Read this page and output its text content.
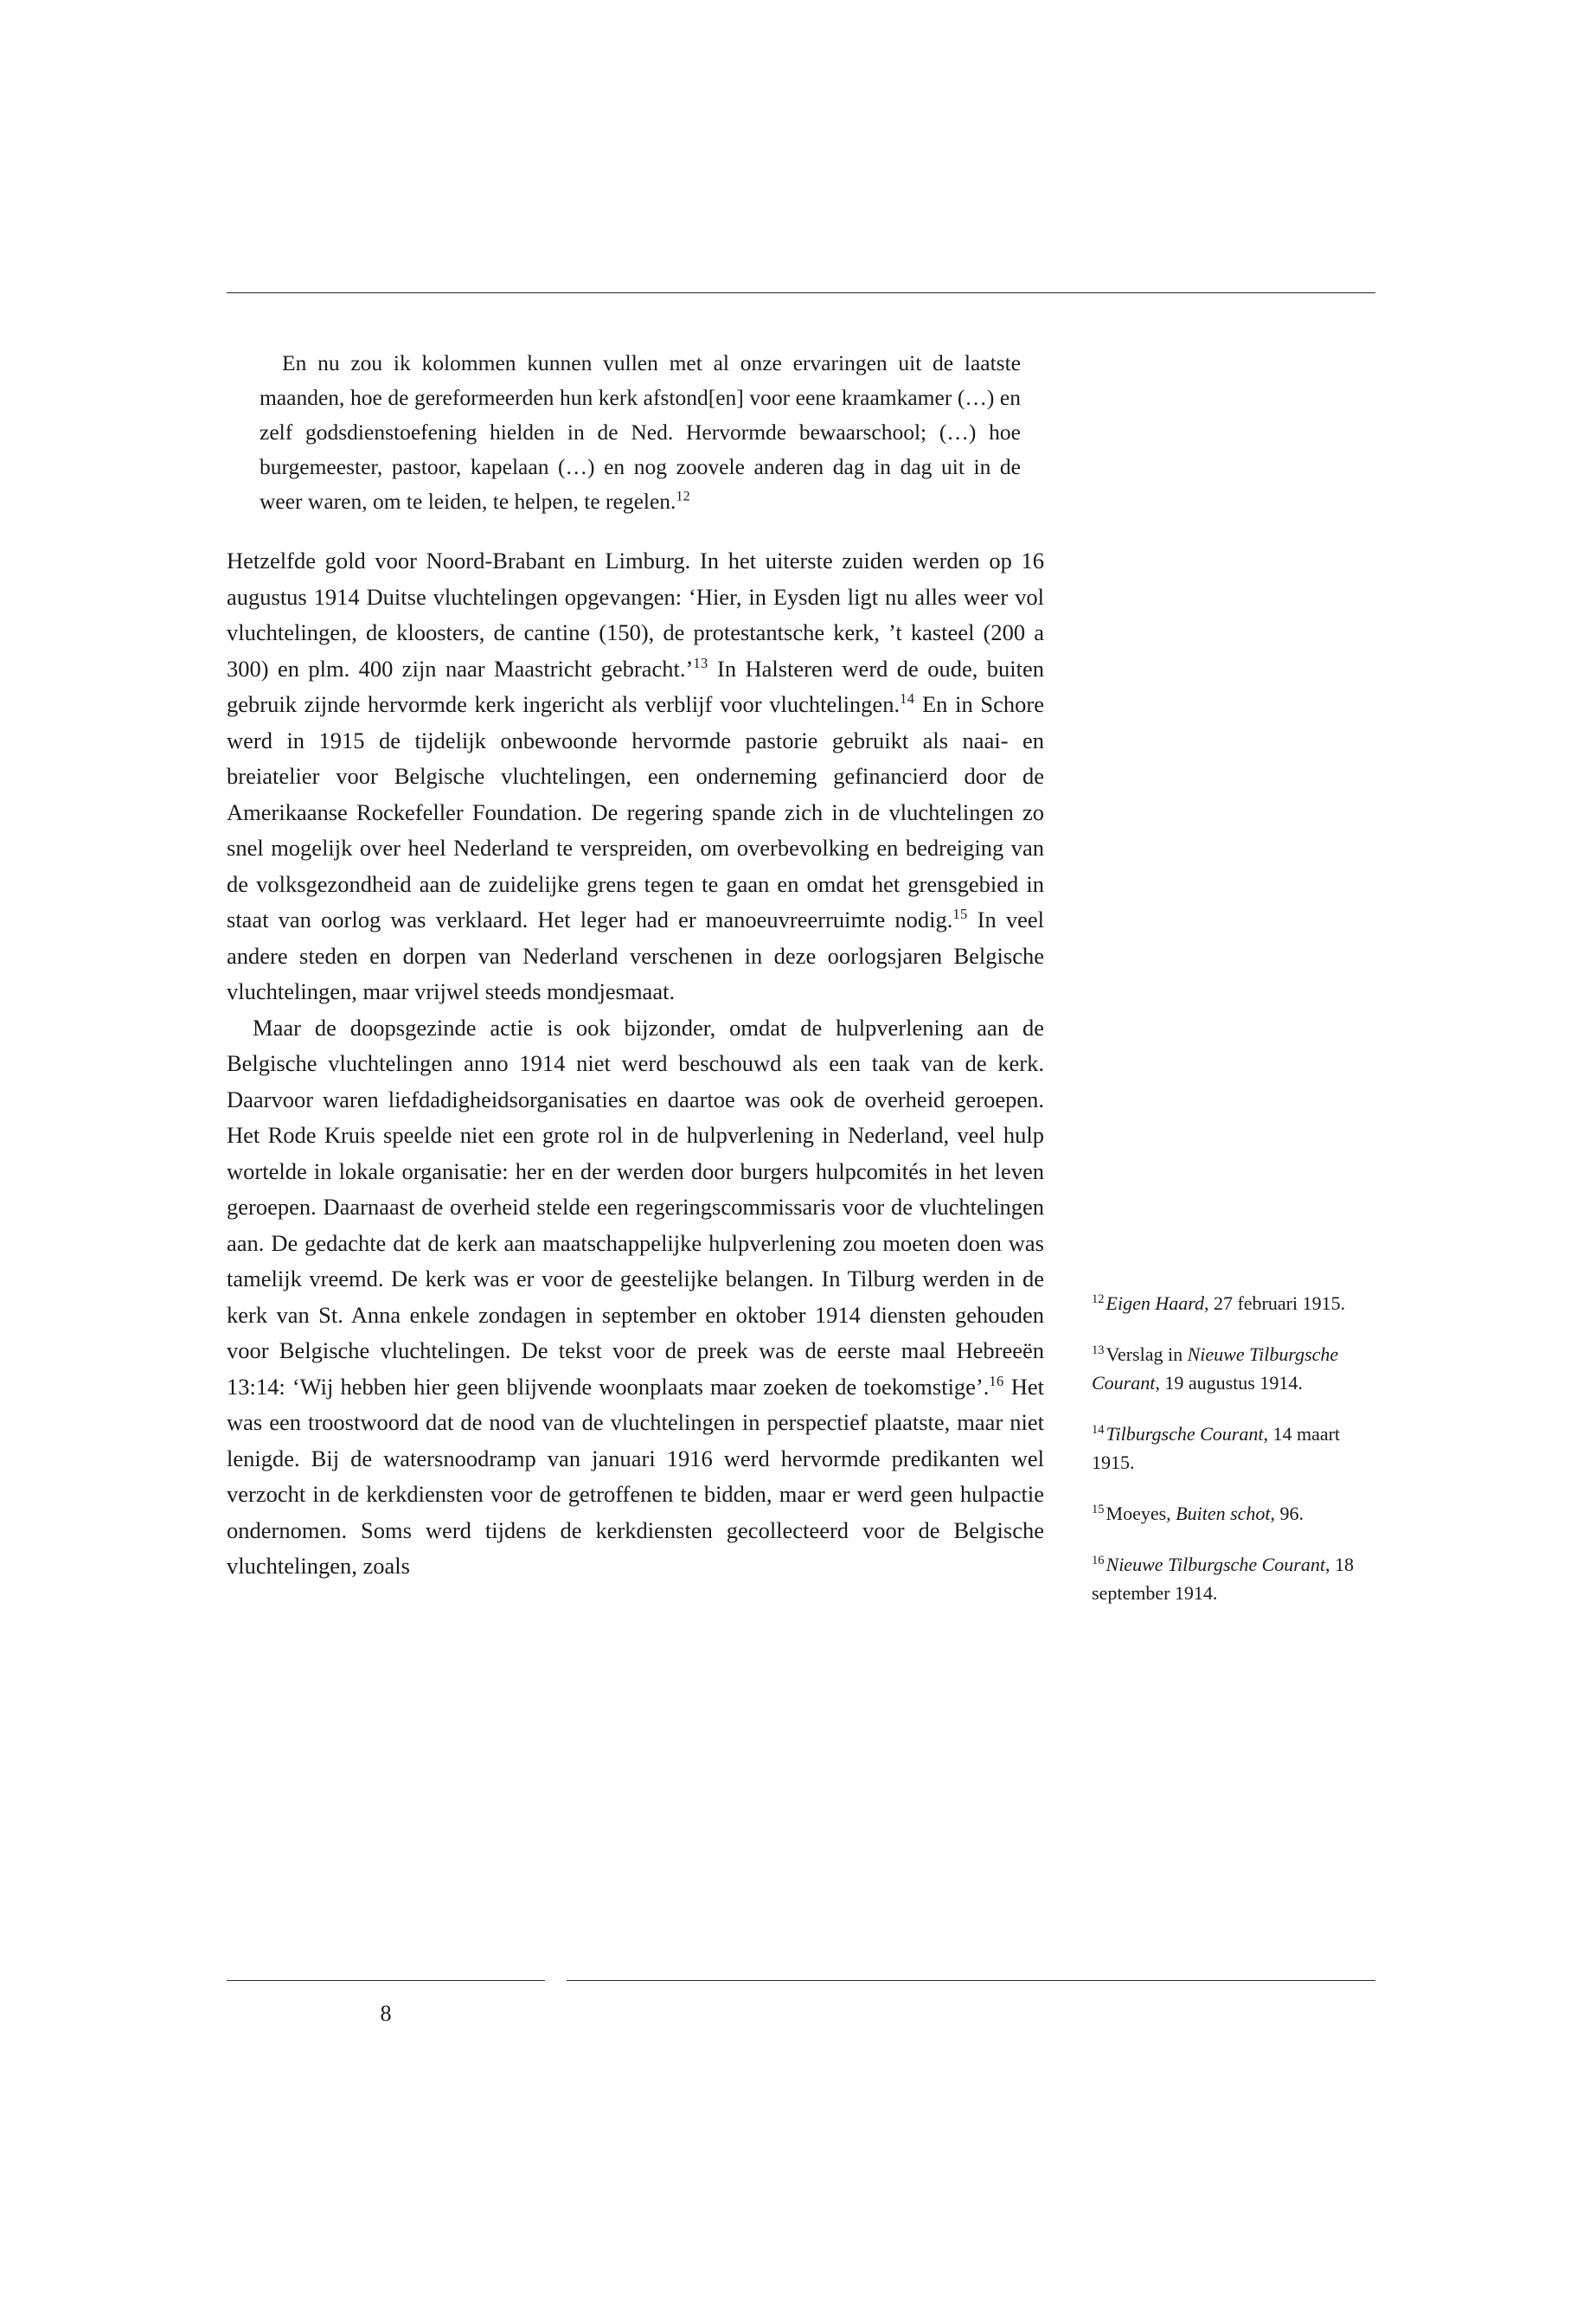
En nu zou ik kolommen kunnen vullen met al onze ervaringen uit de laatste maanden, hoe de gereformeerden hun kerk afstond[en] voor eene kraamkamer (…) en zelf godsdienstoefening hielden in de Ned. Hervormde bewaarschool; (…) hoe burgemeester, pastoor, kapelaan (…) en nog zoovele anderen dag in dag uit in de weer waren, om te leiden, te helpen, te regelen.$^{12}$

Hetzelfde gold voor Noord-Brabant en Limburg. In het uiterste zuiden werden op 16 augustus 1914 Duitse vluchtelingen opgevangen: ‘Hier, in Eysden ligt nu alles weer vol vluchtelingen, de kloosters, de cantine (150), de protestantsche kerk, ’t kasteel (200 a 300) en plm. 400 zijn naar Maastricht gebracht.’$^{13}$ In Halsteren werd de oude, buiten gebruik zijnde hervormde kerk ingericht als verblijf voor vluchtelingen.$^{14}$ En in Schore werd in 1915 de tijdelijk onbewoonde hervormde pastorie gebruikt als naai- en breiatelier voor Belgische vluchtelingen, een onderneming gefinancierd door de Amerikaanse Rockefeller Foundation. De regering spande zich in de vluchtelingen zo snel mogelijk over heel Nederland te verspreiden, om overbevolking en bedreiging van de volksgezondheid aan de zuidelijke grens tegen te gaan en omdat het grensgebied in staat van oorlog was verklaard. Het leger had er manoeuvreerruimte nodig.$^{15}$ In veel andere steden en dorpen van Nederland verschenen in deze oorlogsjaren Belgische vluchtelingen, maar vrijwel steeds mondjesmaat.

Maar de doopsgezinde actie is ook bijzonder, omdat de hulpverlening aan de Belgische vluchtelingen anno 1914 niet werd beschouwd als een taak van de kerk. Daarvoor waren liefdadigheidsorganisaties en daartoe was ook de overheid geroepen. Het Rode Kruis speelde niet een grote rol in de hulpverlening in Nederland, veel hulp wortelde in lokale organisatie: her en der werden door burgers hulpcomités in het leven geroepen. Daarnaast de overheid stelde een regeringscommissaris voor de vluchtelingen aan. De gedachte dat de kerk aan maatschappelijke hulpverlening zou moeten doen was tamelijk vreemd. De kerk was er voor de geestelijke belangen. In Tilburg werden in de kerk van St. Anna enkele zondagen in september en oktober 1914 diensten gehouden voor Belgische vluchtelingen. De tekst voor de preek was de eerste maal Hebreeën 13:14: ‘Wij hebben hier geen blijvende woonplaats maar zoeken de toekomstige’.$^{16}$ Het was een troostwoord dat de nood van de vluchtelingen in perspectief plaatste, maar niet lenigde. Bij de watersnoodramp van januari 1916 werd hervormde predikanten wel verzocht in de kerkdiensten voor de getroffenen te bidden, maar er werd geen hulpactie ondernomen. Soms werd tijdens de kerkdiensten gecollecteerd voor de Belgische vluchtelingen, zoals

$^{12}$Eigen Haard, 27 februari 1915.

$^{13}$Verslag in Nieuwe Tilburgsche Courant, 19 augustus 1914.

$^{14}$Tilburgsche Courant, 14 maart 1915.

$^{15}$Moeyes, Buiten schot, 96.

$^{16}$Nieuwe Tilburgsche Courant, 18 september 1914.

8
